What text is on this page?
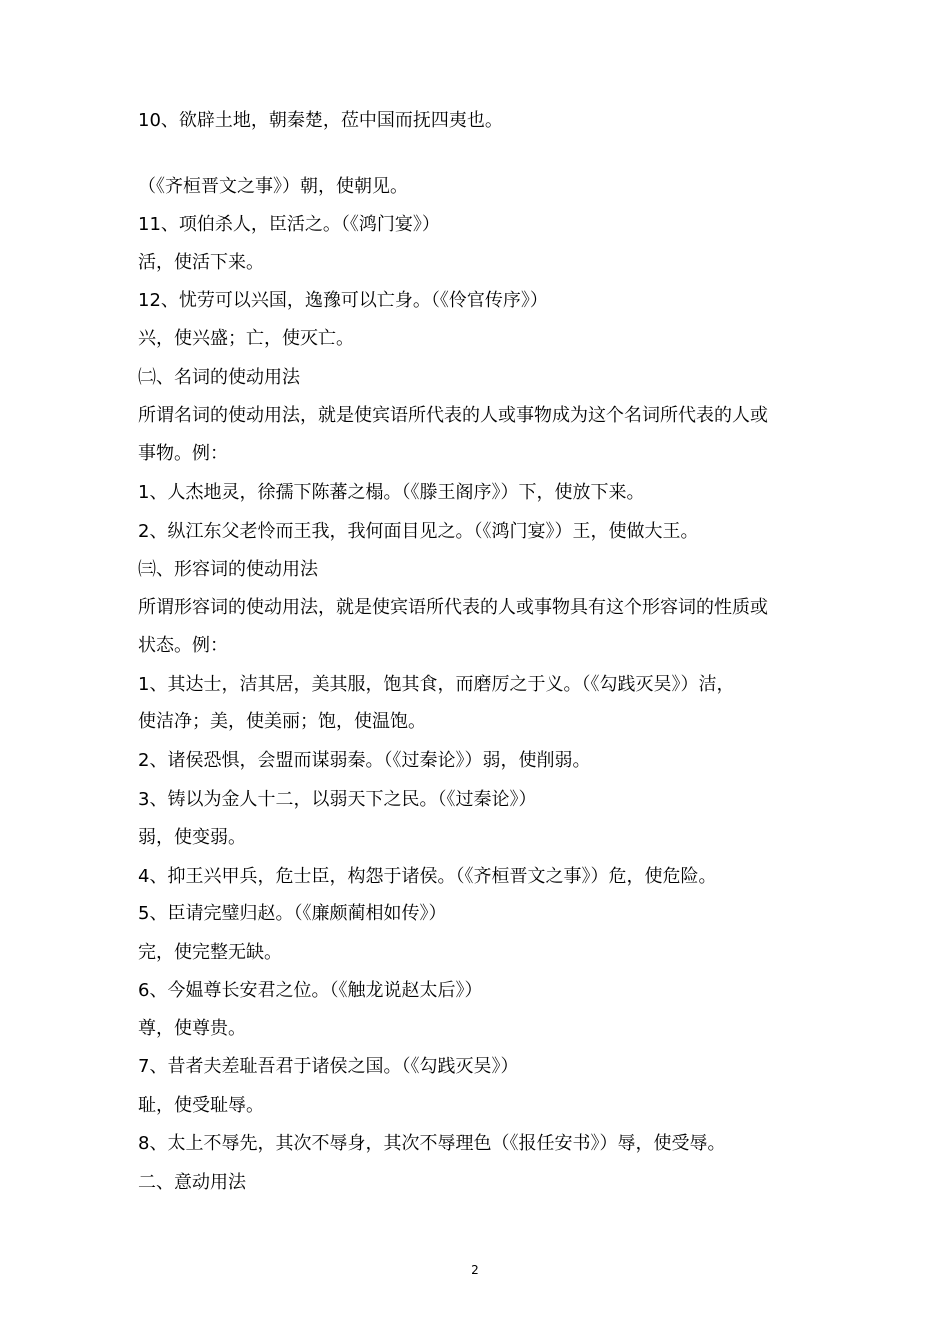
10、欲辟土地，朝秦楚，莅中国而抚四夷也。
（《齐桓晋文之事》）朝，使朝见。
11、项伯杀人，臣活之。（《鸿门宴》）
活，使活下来。
12、忧劳可以兴国，逸豫可以亡身。（《伶官传序》）
兴，使兴盛；亡，使灭亡。
㈡、名词的使动用法
所谓名词的使动用法，就是使宾语所代表的人或事物成为这个名词所代表的人或
事物。例：
1、人杰地灵，徐孺下陈蕃之榻。（《滕王阁序》）下，使放下来。
2、纵江东父老怜而王我，我何面目见之。（《鸿门宴》）王，使做大王。
㈢、形容词的使动用法
所谓形容词的使动用法，就是使宾语所代表的人或事物具有这个形容词的性质或
状态。例：
1、其达士，洁其居，美其服，饱其食，而磨厉之于义。（《勾践灭吴》）洁，
使洁净；美，使美丽；饱，使温饱。
2、诸侯恐惧，会盟而谋弱秦。（《过秦论》）弱，使削弱。
3、铸以为金人十二，以弱天下之民。（《过秦论》）
弱，使变弱。
4、抑王兴甲兵，危士臣，构怨于诸侯。（《齐桓晋文之事》）危，使危险。
5、臣请完璧归赵。（《廉颇蔺相如传》）
完，使完整无缺。
6、今媪尊长安君之位。（《触龙说赵太后》）
尊，使尊贵。
7、昔者夫差耻吾君于诸侯之国。（《勾践灭吴》）
耻，使受耻辱。
8、太上不辱先，其次不辱身，其次不辱理色（《报任安书》）辱，使受辱。
二、意动用法
2
